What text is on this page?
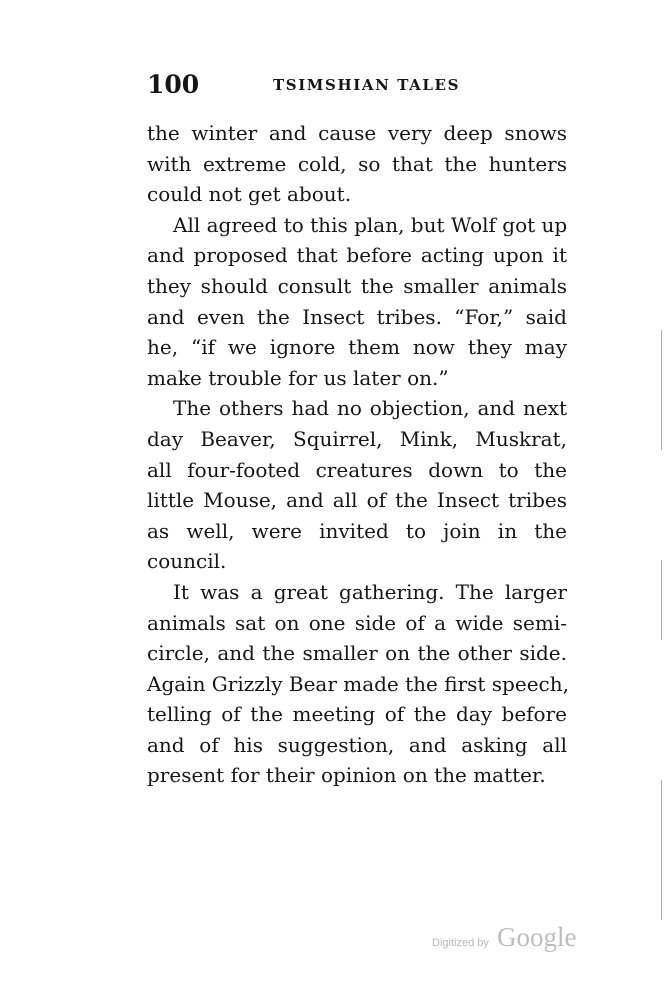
100	TSIMSHIAN TALES
the winter and cause very deep snows
with extreme cold, so that the hunters
could not get about.
All agreed to this plan, but Wolf got up
and proposed that before acting upon it
they should consult the smaller animals
and even the Insect tribes. “For,” said
he, “if we ignore them now they may
make trouble for us later on.”
The others had no objection, and next
day Beaver, Squirrel, Mink, Muskrat,
all four-footed creatures down to the
little Mouse, and all of the Insect tribes
as well, were invited to join in the
council.
It was a great gathering. The larger
animals sat on one side of a wide semi-
circle, and the smaller on the other side.
Again Grizzly Bear made the first speech,
telling of the meeting of the day before
and of his suggestion, and asking all
present for their opinion on the matter.
Digitized by Google
